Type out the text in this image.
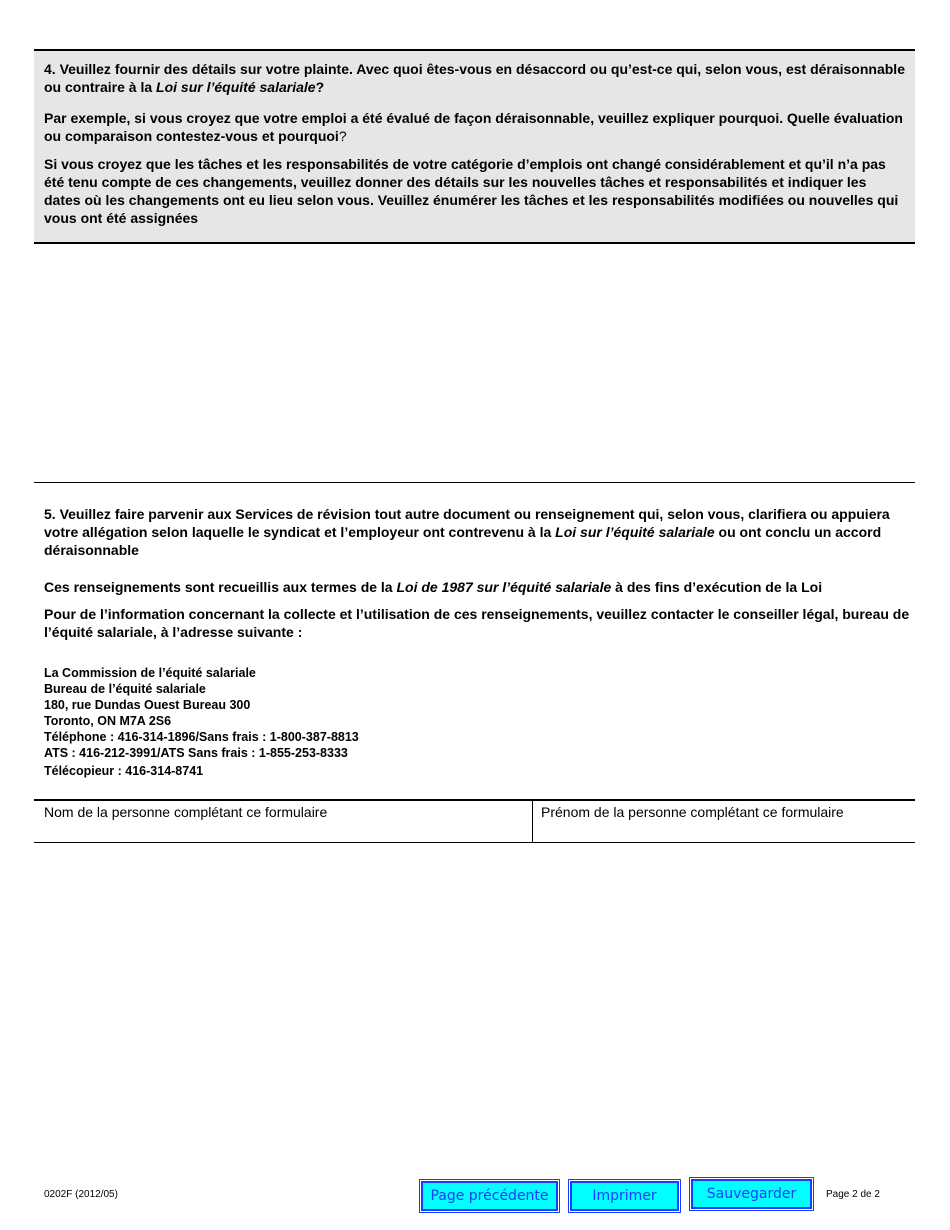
4. Veuillez fournir des détails sur votre plainte. Avec quoi êtes-vous en désaccord ou qu’est-ce qui, selon vous, est déraisonnable ou contraire à la Loi sur l’équité salariale?

Par exemple, si vous croyez que votre emploi a été évalué de façon déraisonnable, veuillez expliquer pourquoi. Quelle évaluation ou comparaison contestez-vous et pourquoi?

Si vous croyez que les tâches et les responsabilités de votre catégorie d’emplois ont changé considérablement et qu’il n’a pas été tenu compte de ces changements, veuillez donner des détails sur les nouvelles tâches et responsabilités et indiquer les dates où les changements ont eu lieu selon vous. Veuillez énumérer les tâches et les responsabilités modifiées ou nouvelles qui vous ont été assignées

5. Veuillez faire parvenir aux Services de révision tout autre document ou renseignement qui, selon vous, clarifiera ou appuiera votre allégation selon laquelle le syndicat et l’employeur ont contrevenu à la Loi sur l’équité salariale ou ont conclu un accord déraisonnable

Ces renseignements sont recueillis aux termes de la Loi de 1987 sur l’équité salariale à des fins d’exécution de la Loi

Pour de l’information concernant la collecte et l’utilisation de ces renseignements, veuillez contacter le conseiller légal, bureau de l’équité salariale, à l’adresse suivante :

La Commission de l’équité salariale
Bureau de l’équité salariale
180, rue Dundas Ouest Bureau 300
Toronto, ON M7A 2S6
Téléphone : 416-314-1896/Sans frais : 1-800-387-8813
ATS : 416-212-3991/ATS Sans frais : 1-855-253-8333
Télécopieur : 416-314-8741
Nom de la personne complétant ce formulaire	Prénom de la personne complétant ce formulaire
0202F (2012/05)	Page précédente	Imprimer	Sauvegarder	Page 2 de 2
